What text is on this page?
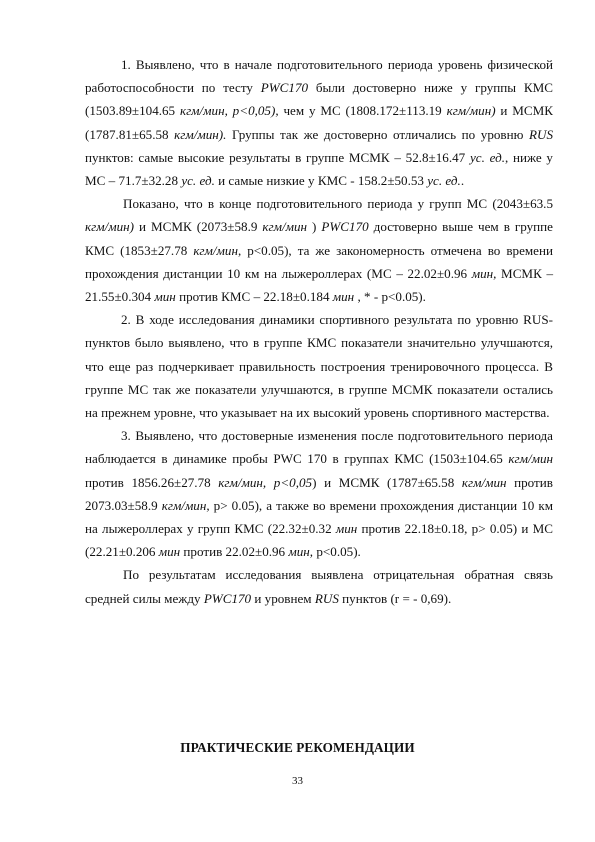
1. Выявлено, что в начале подготовительного периода уровень физической работоспособности по тесту PWC170 были достоверно ниже у группы КМС (1503.89±104.65 кгм/мин, p<0,05), чем у МС (1808.172±113.19 кгм/мин) и МСМК (1787.81±65.58 кгм/мин). Группы так же достоверно отличались по уровню RUS пунктов: самые высокие результаты в группе МСМК – 52.8±16.47 ус. ед., ниже у МС – 71.7±32.28 ус. ед. и самые низкие у КМС - 158.2±50.53 ус. ед..

Показано, что в конце подготовительного периода у групп МС (2043±63.5 кгм/мин) и МСМК (2073±58.9 кгм/мин ) PWC170 достоверно выше чем в группе КМС (1853±27.78 кгм/мин, p<0.05), та же закономерность отмечена во времени прохождения дистанции 10 км на лыжероллерах (МС – 22.02±0.96 мин, МСМК – 21.55±0.304 мин против КМС – 22.18±0.184 мин , * - p<0.05).

2. В ходе исследования динамики спортивного результата по уровню RUS-пунктов было выявлено, что в группе КМС показатели значительно улучшаются, что еще раз подчеркивает правильность построения тренировочного процесса. В группе МС так же показатели улучшаются, в группе МСМК показатели остались на прежнем уровне, что указывает на их высокий уровень спортивного мастерства.

3. Выявлено, что достоверные изменения после подготовительного периода наблюдается в динамике пробы PWC 170 в группах КМС (1503±104.65 кгм/мин против 1856.26±27.78 кгм/мин, p<0,05) и МСМК (1787±65.58 кгм/мин против 2073.03±58.9 кгм/мин, p> 0.05), а также во времени прохождения дистанции 10 км на лыжероллерах у групп КМС (22.32±0.32 мин против 22.18±0.18, p> 0.05) и МС (22.21±0.206 мин против 22.02±0.96 мин, p<0.05).

По результатам исследования выявлена отрицательная обратная связь средней силы между PWC170 и уровнем RUS пунктов (r = - 0,69).

ПРАКТИЧЕСКИЕ РЕКОМЕНДАЦИИ
33
